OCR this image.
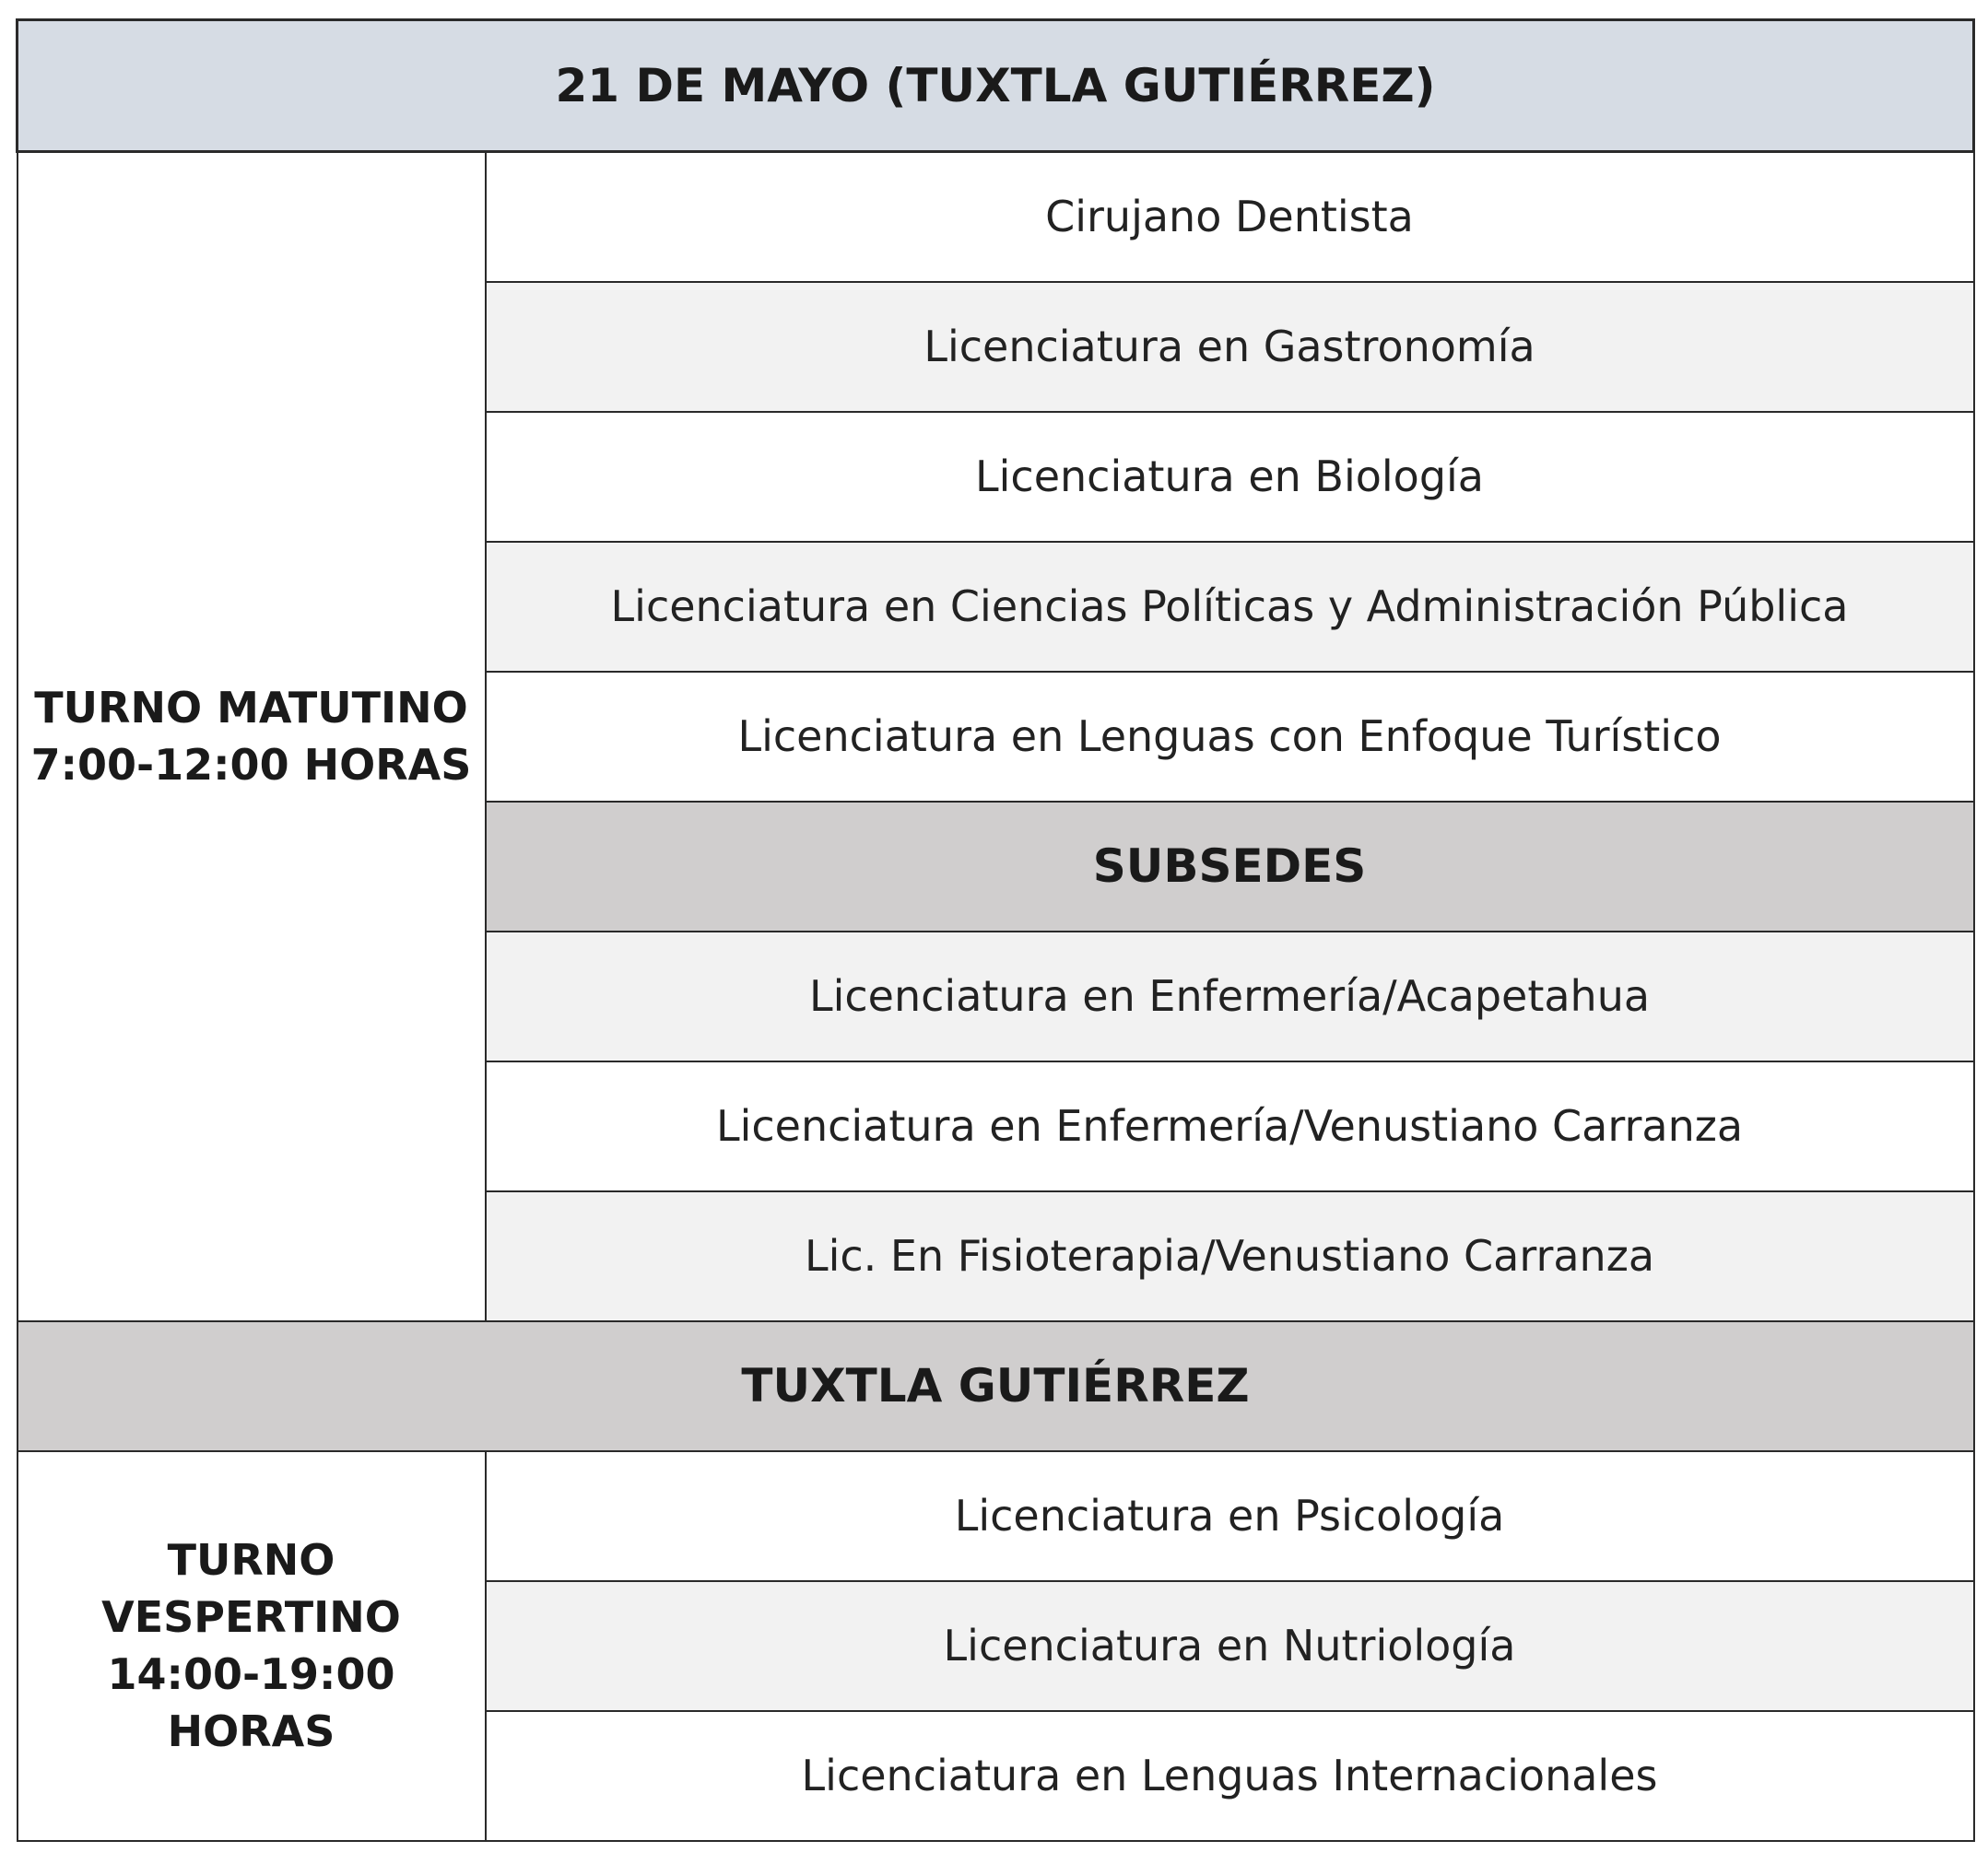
21 DE MAYO (TUXTLA GUTIÉRREZ)	

TURNO MATUTINO
7:00-12:00 HORAS	Cirujano Dentista
	Licenciatura en Gastronomía
	Licenciatura en Biología
	Licenciatura en Ciencias Políticas y Administración Pública
	Licenciatura en Lenguas con Enfoque Turístico
	SUBSEDES
	Licenciatura en Enfermería/Acapetahua
	Licenciatura en Enfermería/Venustiano Carranza
	Lic. En Fisioterapia/Venustiano Carranza
TUXTLA GUTIÉRREZ	

TURNO VESPERTINO
14:00-19:00 HORAS	Licenciatura en Psicología
	Licenciatura en Nutriología
	Licenciatura en Lenguas Internacionales
